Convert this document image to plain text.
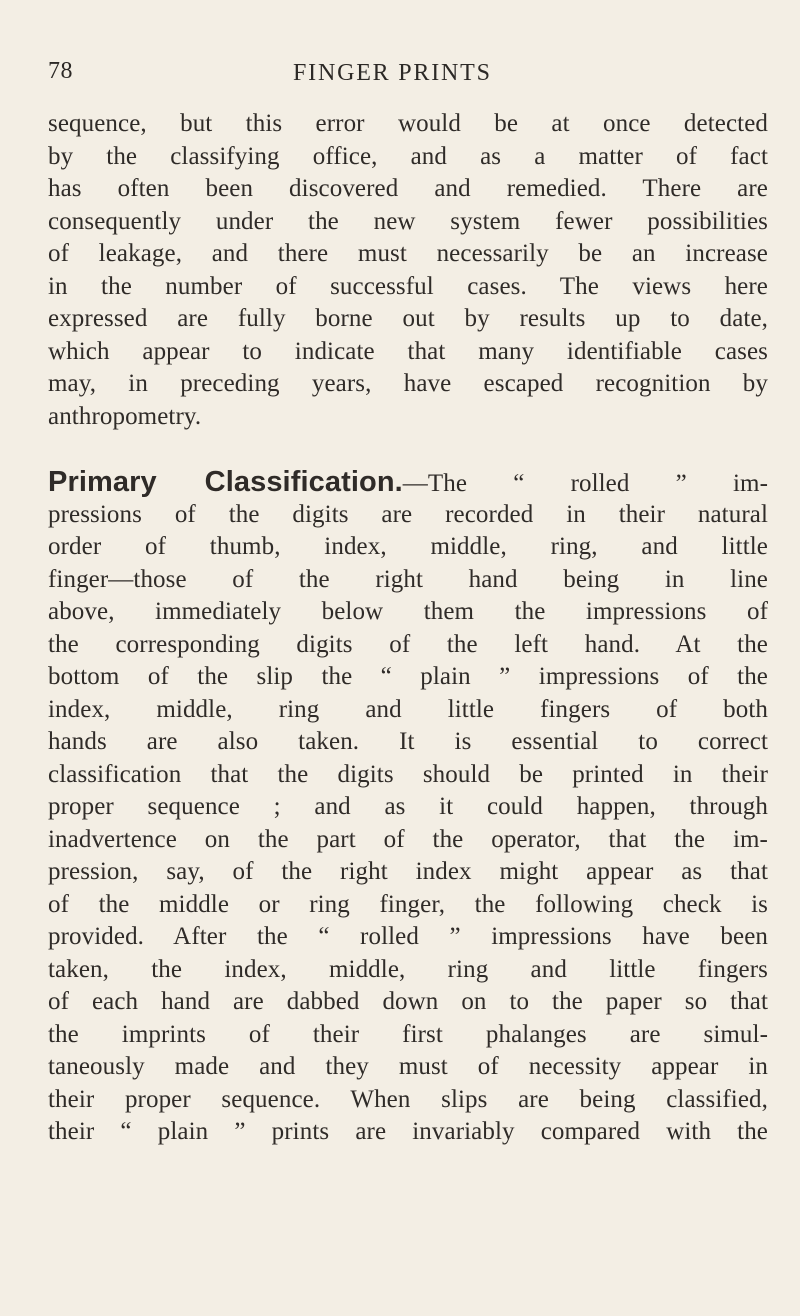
78	FINGER PRINTS
sequence, but this error would be at once detected
by the classifying office, and as a matter of fact
has often been discovered and remedied. There are
consequently under the new system fewer possibilities
of leakage, and there must necessarily be an increase
in the number of successful cases. The views here
expressed are fully borne out by results up to date,
which appear to indicate that many identifiable cases
may, in preceding years, have escaped recognition by
anthropometry.
Primary Classification.—The “ rolled ” im-
pressions of the digits are recorded in their natural
order of thumb, index, middle, ring, and little
finger—those of the right hand being in line
above, immediately below them the impressions of
the corresponding digits of the left hand. At the
bottom of the slip the “ plain ” impressions of the
index, middle, ring and little fingers of both
hands are also taken. It is essential to correct
classification that the digits should be printed in their
proper sequence ; and as it could happen, through
inadvertence on the part of the operator, that the im-
pression, say, of the right index might appear as that
of the middle or ring finger, the following check is
provided. After the “ rolled ” impressions have been
taken, the index, middle, ring and little fingers
of each hand are dabbed down on to the paper so that
the imprints of their first phalanges are simul-
taneously made and they must of necessity appear in
their proper sequence. When slips are being classified,
their “ plain ” prints are invariably compared with the
